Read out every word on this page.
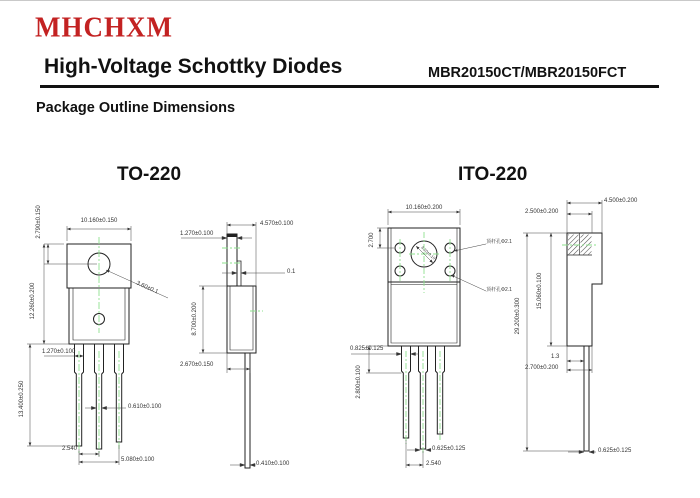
MHCHXM
High-Voltage Schottky Diodes	MBR20150CT/MBR20150FCT
Package Outline Dimensions
TO-220	ITO-220
10.160±0.150
2.790±0.150
12.260±0.200	3.60±0.1
1.270±0.100
13.400±0.250	0.610±0.100
2.540
5.080±0.100
4.570±0.100
1.270±0.100
0.1
8.700±0.200
2.670±0.150
0.410±0.100
10.160±0.200
2.700
3.20±0.10
顶杆孔Φ2.1
顶杆孔Φ2.1
0.825±0.125
2.800±0.100
0.625±0.125
2.540
4.500±0.200
2.500±0.200
29.200±0.300
15.060±0.100
1.3
2.700±0.200
0.625±0.125
